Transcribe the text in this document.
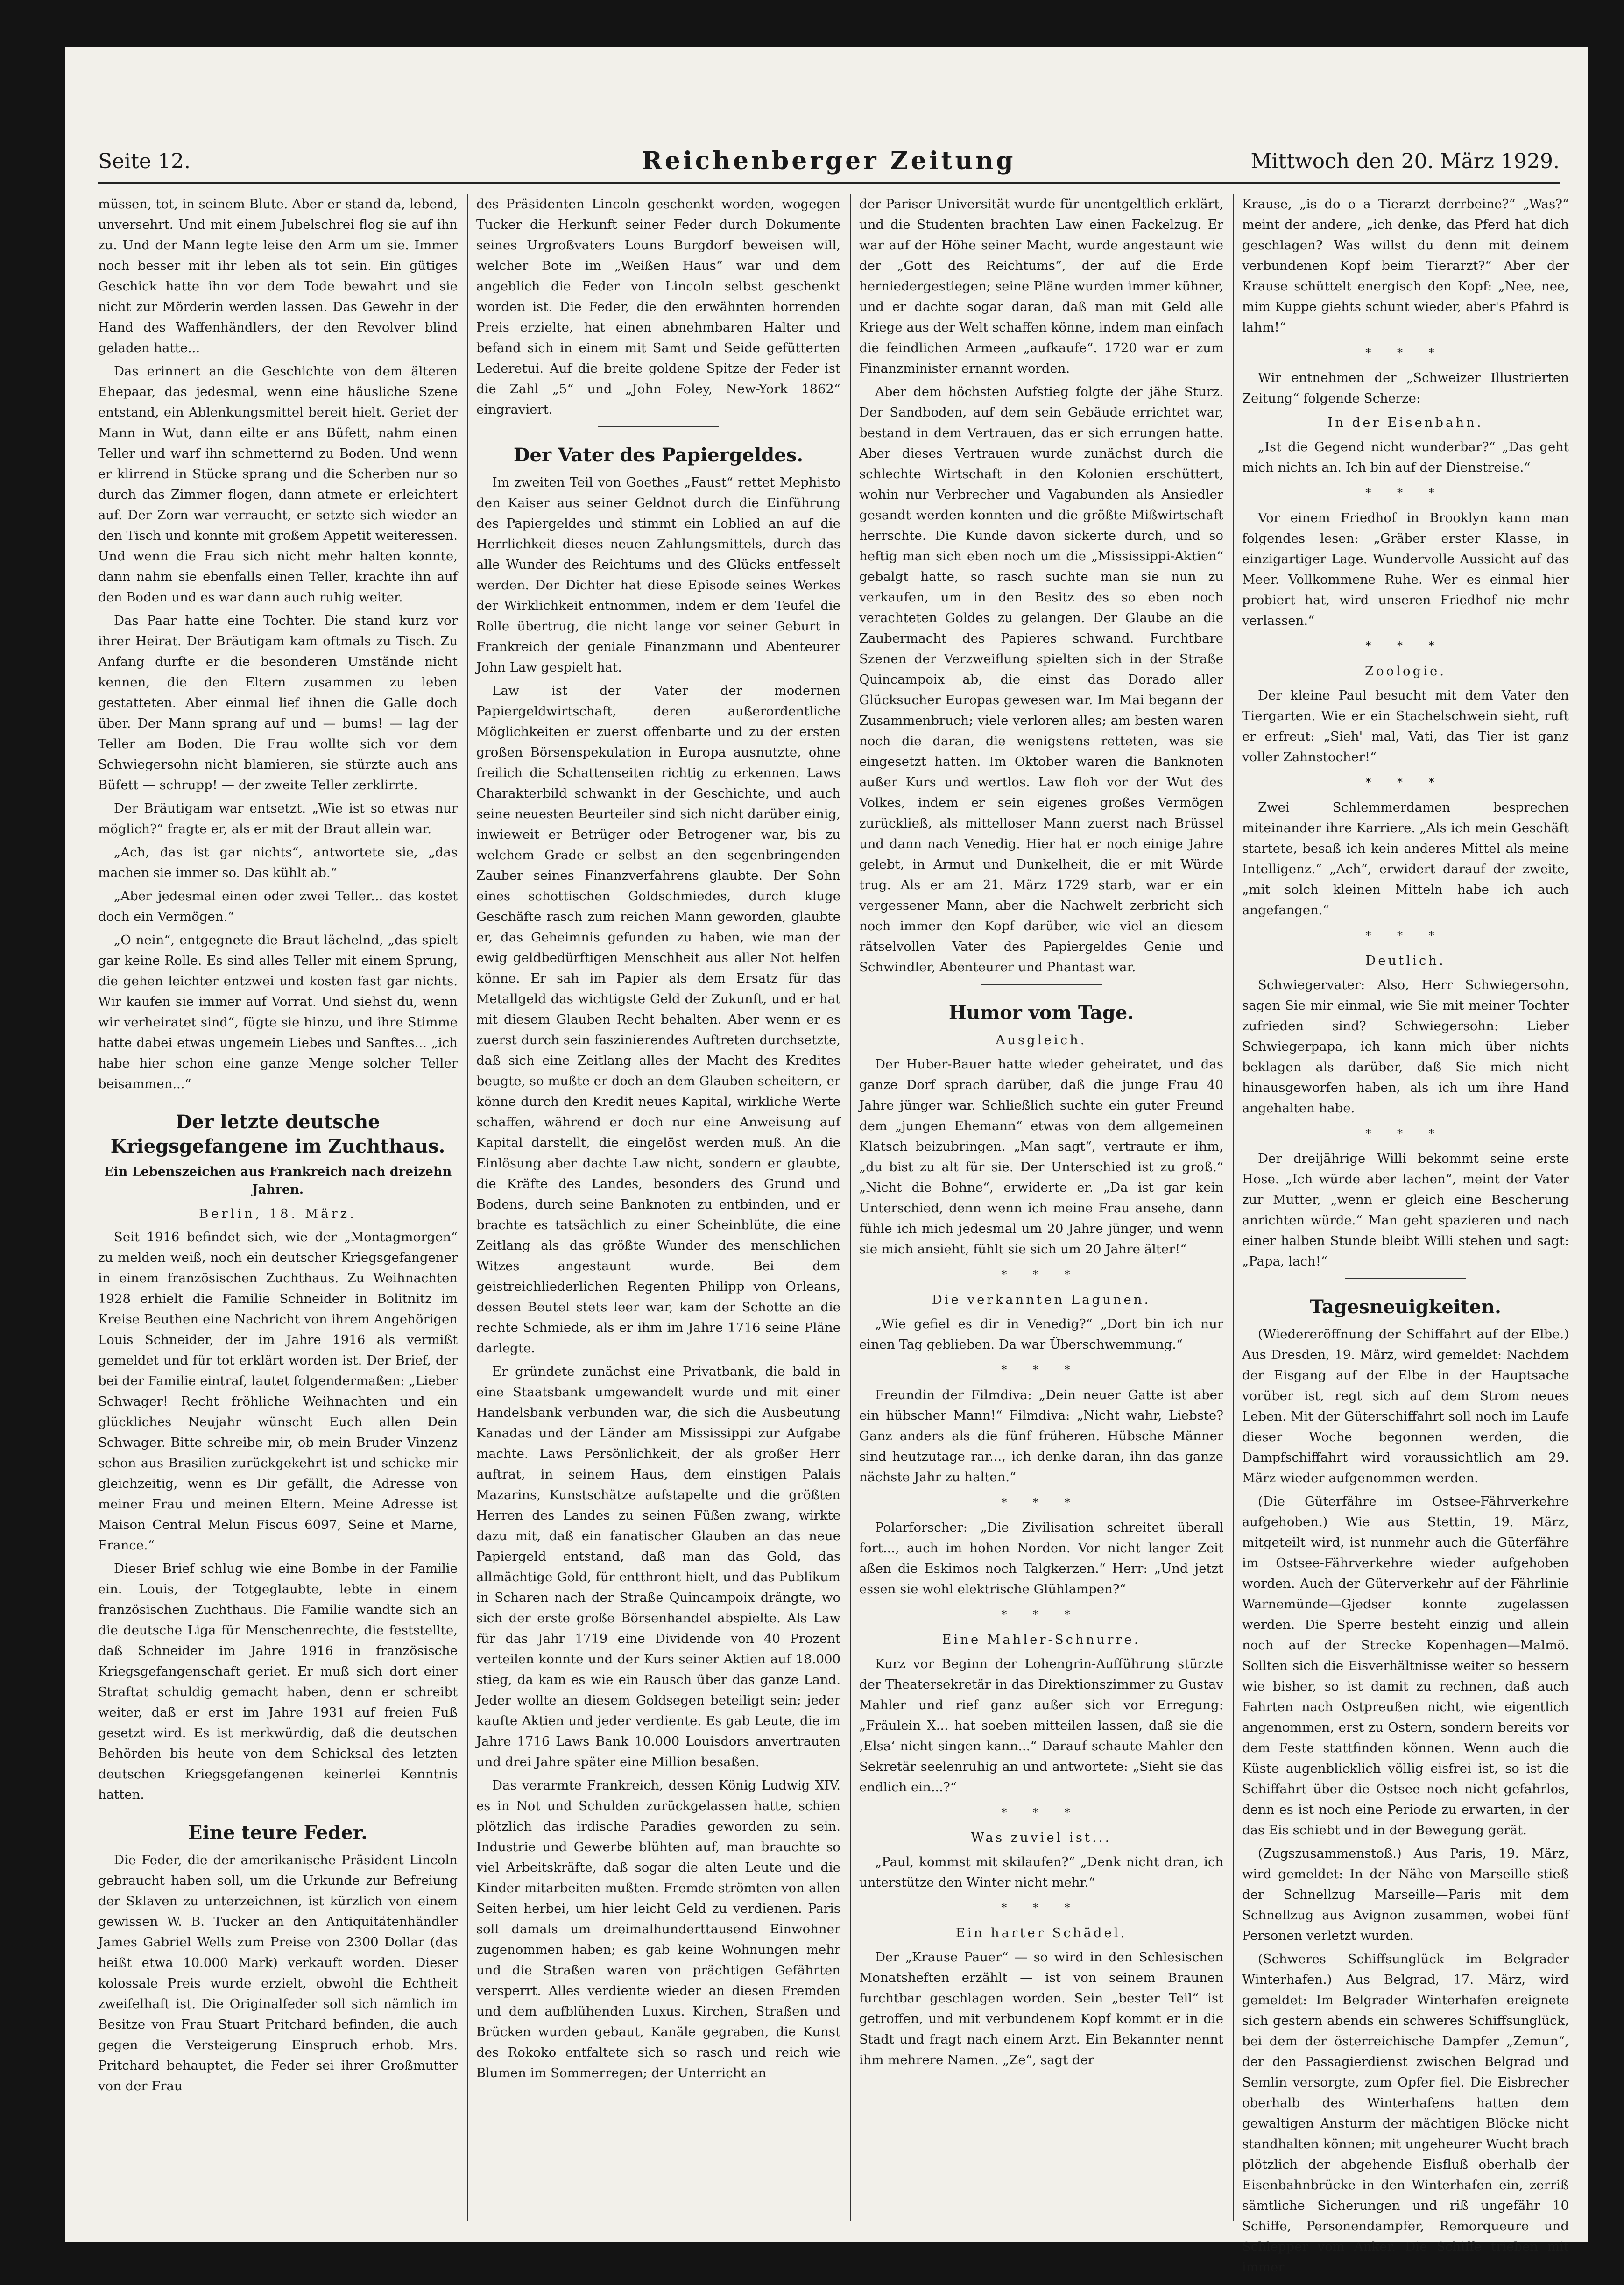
Seite 12.	Reichenberger Zeitung	Mittwoch den 20. März 1929.

müssen, tot, in seinem Blute. Aber er stand da, lebend, unversehrt. Und mit einem Jubelschrei flog sie auf ihn zu. Und der Mann legte leise den Arm um sie. Immer noch besser mit ihr leben als tot sein. Ein gütiges Geschick hatte ihn vor dem Tode bewahrt und sie nicht zur Mörderin werden lassen. Das Gewehr in der Hand des Waffenhändlers, der den Revolver blind geladen hatte...

Das erinnert an die Geschichte von dem älteren Ehepaar, das jedesmal, wenn eine häusliche Szene entstand, ein Ablenkungsmittel bereit hielt. Geriet der Mann in Wut, dann eilte er ans Büfett, nahm einen Teller und warf ihn schmetternd zu Boden. Und wenn er klirrend in Stücke sprang und die Scherben nur so durch das Zimmer flogen, dann atmete er erleichtert auf. Der Zorn war verraucht, er setzte sich wieder an den Tisch und konnte mit großem Appetit weiteressen. Und wenn die Frau sich nicht mehr halten konnte, dann nahm sie ebenfalls einen Teller, krachte ihn auf den Boden und es war dann auch ruhig weiter.

Das Paar hatte eine Tochter. Die stand kurz vor ihrer Heirat. Der Bräutigam kam oftmals zu Tisch. Zu Anfang durfte er die besonderen Umstände nicht kennen, die den Eltern zusammen zu leben gestatteten. Aber einmal lief ihnen die Galle doch über. Der Mann sprang auf und — bums! — lag der Teller am Boden. Die Frau wollte sich vor dem Schwiegersohn nicht blamieren, sie stürzte auch ans Büfett — schrupp! — der zweite Teller zerklirrte.

Der Bräutigam war entsetzt. „Wie ist so etwas nur möglich?“ fragte er, als er mit der Braut allein war.

„Ach, das ist gar nichts“, antwortete sie, „das machen sie immer so. Das kühlt ab.“

„Aber jedesmal einen oder zwei Teller... das kostet doch ein Vermögen.“

„O nein“, entgegnete die Braut lächelnd, „das spielt gar keine Rolle. Es sind alles Teller mit einem Sprung, die gehen leichter entzwei und kosten fast gar nichts. Wir kaufen sie immer auf Vorrat. Und siehst du, wenn wir verheiratet sind“, fügte sie hinzu, und ihre Stimme hatte dabei etwas ungemein Liebes und Sanftes... „ich habe hier schon eine ganze Menge solcher Teller beisammen...“

Der letzte deutsche Kriegsgefangene im Zuchthaus.

Ein Lebenszeichen aus Frankreich nach dreizehn Jahren.

Berlin, 18. März.

Seit 1916 befindet sich, wie der „Montagmorgen“ zu melden weiß, noch ein deutscher Kriegsgefangener in einem französischen Zuchthaus. Zu Weihnachten 1928 erhielt die Familie Schneider in Bolitnitz im Kreise Beuthen eine Nachricht von ihrem Angehörigen Louis Schneider, der im Jahre 1916 als vermißt gemeldet und für tot erklärt worden ist. Der Brief, der bei der Familie eintraf, lautet folgendermaßen: „Lieber Schwager! Recht fröhliche Weihnachten und ein glückliches Neujahr wünscht Euch allen Dein Schwager. Bitte schreibe mir, ob mein Bruder Vinzenz schon aus Brasilien zurückgekehrt ist und schicke mir gleichzeitig, wenn es Dir gefällt, die Adresse von meiner Frau und meinen Eltern. Meine Adresse ist Maison Central Melun Fiscus 6097, Seine et Marne, France.“

Dieser Brief schlug wie eine Bombe in der Familie ein. Louis, der Totgeglaubte, lebte in einem französischen Zuchthaus. Die Familie wandte sich an die deutsche Liga für Menschenrechte, die feststellte, daß Schneider im Jahre 1916 in französische Kriegsgefangenschaft geriet. Er muß sich dort einer Straftat schuldig gemacht haben, denn er schreibt weiter, daß er erst im Jahre 1931 auf freien Fuß gesetzt wird. Es ist merkwürdig, daß die deutschen Behörden bis heute von dem Schicksal des letzten deutschen Kriegsgefangenen keinerlei Kenntnis hatten.

Eine teure Feder.

Die Feder, die der amerikanische Präsident Lincoln gebraucht haben soll, um die Urkunde zur Befreiung der Sklaven zu unterzeichnen, ist kürzlich von einem gewissen W. B. Tucker an den Antiquitätenhändler James Gabriel Wells zum Preise von 2300 Dollar (das heißt etwa 10.000 Mark) verkauft worden. Dieser kolossale Preis wurde erzielt, obwohl die Echtheit zweifelhaft ist. Die Originalfeder soll sich nämlich im Besitze von Frau Stuart Pritchard befinden, die auch gegen die Versteigerung Einspruch erhob. Mrs. Pritchard behauptet, die Feder sei ihrer Großmutter von der Frau

des Präsidenten Lincoln geschenkt worden, wogegen Tucker die Herkunft seiner Feder durch Dokumente seines Urgroßvaters Louns Burgdorf beweisen will, welcher Bote im „Weißen Haus“ war und dem angeblich die Feder von Lincoln selbst geschenkt worden ist. Die Feder, die den erwähnten horrenden Preis erzielte, hat einen abnehmbaren Halter und befand sich in einem mit Samt und Seide gefütterten Lederetui. Auf die breite goldene Spitze der Feder ist die Zahl „5“ und „John Foley, New-York 1862“ eingraviert.

Der Vater des Papiergeldes.

Im zweiten Teil von Goethes „Faust“ rettet Mephisto den Kaiser aus seiner Geldnot durch die Einführung des Papiergeldes und stimmt ein Loblied an auf die Herrlichkeit dieses neuen Zahlungsmittels, durch das alle Wunder des Reichtums und des Glücks entfesselt werden. Der Dichter hat diese Episode seines Werkes der Wirklichkeit entnommen, indem er dem Teufel die Rolle übertrug, die nicht lange vor seiner Geburt in Frankreich der geniale Finanzmann und Abenteurer John Law gespielt hat.

Law ist der Vater der modernen Papiergeldwirtschaft, deren außerordentliche Möglichkeiten er zuerst offenbarte und zu der ersten großen Börsenspekulation in Europa ausnutzte, ohne freilich die Schattenseiten richtig zu erkennen. Laws Charakterbild schwankt in der Geschichte, und auch seine neuesten Beurteiler sind sich nicht darüber einig, inwieweit er Betrüger oder Betrogener war, bis zu welchem Grade er selbst an den segenbringenden Zauber seines Finanzverfahrens glaubte. Der Sohn eines schottischen Goldschmiedes, durch kluge Geschäfte rasch zum reichen Mann geworden, glaubte er, das Geheimnis gefunden zu haben, wie man der ewig geldbedürftigen Menschheit aus aller Not helfen könne. Er sah im Papier als dem Ersatz für das Metallgeld das wichtigste Geld der Zukunft, und er hat mit diesem Glauben Recht behalten. Aber wenn er es zuerst durch sein faszinierendes Auftreten durchsetzte, daß sich eine Zeitlang alles der Macht des Kredites beugte, so mußte er doch an dem Glauben scheitern, er könne durch den Kredit neues Kapital, wirkliche Werte schaffen, während er doch nur eine Anweisung auf Kapital darstellt, die eingelöst werden muß. An die Einlösung aber dachte Law nicht, sondern er glaubte, die Kräfte des Landes, besonders des Grund und Bodens, durch seine Banknoten zu entbinden, und er brachte es tatsächlich zu einer Scheinblüte, die eine Zeitlang als das größte Wunder des menschlichen Witzes angestaunt wurde. Bei dem geistreichliederlichen Regenten Philipp von Orleans, dessen Beutel stets leer war, kam der Schotte an die rechte Schmiede, als er ihm im Jahre 1716 seine Pläne darlegte.

Er gründete zunächst eine Privatbank, die bald in eine Staatsbank umgewandelt wurde und mit einer Handelsbank verbunden war, die sich die Ausbeutung Kanadas und der Länder am Mississippi zur Aufgabe machte. Laws Persönlichkeit, der als großer Herr auftrat, in seinem Haus, dem einstigen Palais Mazarins, Kunstschätze aufstapelte und die größten Herren des Landes zu seinen Füßen zwang, wirkte dazu mit, daß ein fanatischer Glauben an das neue Papiergeld entstand, daß man das Gold, das allmächtige Gold, für entthront hielt, und das Publikum in Scharen nach der Straße Quincampoix drängte, wo sich der erste große Börsenhandel abspielte. Als Law für das Jahr 1719 eine Dividende von 40 Prozent verteilen konnte und der Kurs seiner Aktien auf 18.000 stieg, da kam es wie ein Rausch über das ganze Land. Jeder wollte an diesem Goldsegen beteiligt sein; jeder kaufte Aktien und jeder verdiente. Es gab Leute, die im Jahre 1716 Laws Bank 10.000 Louisdors anvertrauten und drei Jahre später eine Million besaßen.

Das verarmte Frankreich, dessen König Ludwig XIV. es in Not und Schulden zurückgelassen hatte, schien plötzlich das irdische Paradies geworden zu sein. Industrie und Gewerbe blühten auf, man brauchte so viel Arbeitskräfte, daß sogar die alten Leute und die Kinder mitarbeiten mußten. Fremde strömten von allen Seiten herbei, um hier leicht Geld zu verdienen. Paris soll damals um dreimalhunderttausend Einwohner zugenommen haben; es gab keine Wohnungen mehr und die Straßen waren von prächtigen Gefährten versperrt. Alles verdiente wieder an diesen Fremden und dem aufblühenden Luxus. Kirchen, Straßen und Brücken wurden gebaut, Kanäle gegraben, die Kunst des Rokoko entfaltete sich so rasch und reich wie Blumen im Sommerregen; der Unterricht an

der Pariser Universität wurde für unentgeltlich erklärt, und die Studenten brachten Law einen Fackelzug. Er war auf der Höhe seiner Macht, wurde angestaunt wie der „Gott des Reichtums“, der auf die Erde herniedergestiegen; seine Pläne wurden immer kühner, und er dachte sogar daran, daß man mit Geld alle Kriege aus der Welt schaffen könne, indem man einfach die feindlichen Armeen „aufkaufe“. 1720 war er zum Finanzminister ernannt worden.

Aber dem höchsten Aufstieg folgte der jähe Sturz. Der Sandboden, auf dem sein Gebäude errichtet war, bestand in dem Vertrauen, das er sich errungen hatte. Aber dieses Vertrauen wurde zunächst durch die schlechte Wirtschaft in den Kolonien erschüttert, wohin nur Verbrecher und Vagabunden als Ansiedler gesandt werden konnten und die größte Mißwirtschaft herrschte. Die Kunde davon sickerte durch, und so heftig man sich eben noch um die „Mississippi-Aktien“ gebalgt hatte, so rasch suchte man sie nun zu verkaufen, um in den Besitz des so eben noch verachteten Goldes zu gelangen. Der Glaube an die Zaubermacht des Papieres schwand. Furchtbare Szenen der Verzweiflung spielten sich in der Straße Quincampoix ab, die einst das Dorado aller Glücksucher Europas gewesen war. Im Mai begann der Zusammenbruch; viele verloren alles; am besten waren noch die daran, die wenigstens retteten, was sie eingesetzt hatten. Im Oktober waren die Banknoten außer Kurs und wertlos. Law floh vor der Wut des Volkes, indem er sein eigenes großes Vermögen zurückließ, als mittelloser Mann zuerst nach Brüssel und dann nach Venedig. Hier hat er noch einige Jahre gelebt, in Armut und Dunkelheit, die er mit Würde trug. Als er am 21. März 1729 starb, war er ein vergessener Mann, aber die Nachwelt zerbricht sich noch immer den Kopf darüber, wie viel an diesem rätselvollen Vater des Papiergeldes Genie und Schwindler, Abenteurer und Phantast war.

Humor vom Tage.

Ausgleich.

Der Huber-Bauer hatte wieder geheiratet, und das ganze Dorf sprach darüber, daß die junge Frau 40 Jahre jünger war. Schließlich suchte ein guter Freund dem „jungen Ehemann“ etwas von dem allgemeinen Klatsch beizubringen. „Man sagt“, vertraute er ihm, „du bist zu alt für sie. Der Unterschied ist zu groß.“ „Nicht die Bohne“, erwiderte er. „Da ist gar kein Unterschied, denn wenn ich meine Frau ansehe, dann fühle ich mich jedesmal um 20 Jahre jünger, und wenn sie mich ansieht, fühlt sie sich um 20 Jahre älter!“

* * *

Die verkannten Lagunen.

„Wie gefiel es dir in Venedig?“ „Dort bin ich nur einen Tag geblieben. Da war Überschwemmung.“

* * *

Freundin der Filmdiva: „Dein neuer Gatte ist aber ein hübscher Mann!“ Filmdiva: „Nicht wahr, Liebste? Ganz anders als die fünf früheren. Hübsche Männer sind heutzutage rar..., ich denke daran, ihn das ganze nächste Jahr zu halten.“

* * *

Polarforscher: „Die Zivilisation schreitet überall fort..., auch im hohen Norden. Vor nicht langer Zeit aßen die Eskimos noch Talgkerzen.“ Herr: „Und jetzt essen sie wohl elektrische Glühlampen?“

* * *

Eine Mahler-Schnurre.

Kurz vor Beginn der Lohengrin-Aufführung stürzte der Theatersekretär in das Direktionszimmer zu Gustav Mahler und rief ganz außer sich vor Erregung: „Fräulein X... hat soeben mitteilen lassen, daß sie die ‚Elsa‘ nicht singen kann...“ Darauf schaute Mahler den Sekretär seelenruhig an und antwortete: „Sieht sie das endlich ein...?“

* * *

Was zuviel ist...

„Paul, kommst mit skilaufen?“ „Denk nicht dran, ich unterstütze den Winter nicht mehr.“

* * *

Ein harter Schädel.

Der „Krause Pauer“ — so wird in den Schlesischen Monatsheften erzählt — ist von seinem Braunen furchtbar geschlagen worden. Sein „bester Teil“ ist getroffen, und mit verbundenem Kopf kommt er in die Stadt und fragt nach einem Arzt. Ein Bekannter nennt ihm mehrere Namen. „Ze“, sagt der

Krause, „is do o a Tierarzt derrbeine?“ „Was?“ meint der andere, „ich denke, das Pferd hat dich geschlagen? Was willst du denn mit deinem verbundenen Kopf beim Tierarzt?“ Aber der Krause schüttelt energisch den Kopf: „Nee, nee, mim Kuppe giehts schunt wieder, aber's Pfahrd is lahm!“

* * *

Wir entnehmen der „Schweizer Illustrierten Zeitung“ folgende Scherze:

In der Eisenbahn.

„Ist die Gegend nicht wunderbar?“ „Das geht mich nichts an. Ich bin auf der Dienstreise.“

* * *

Vor einem Friedhof in Brooklyn kann man folgendes lesen: „Gräber erster Klasse, in einzigartiger Lage. Wundervolle Aussicht auf das Meer. Vollkommene Ruhe. Wer es einmal hier probiert hat, wird unseren Friedhof nie mehr verlassen.“

* * *

Zoologie.

Der kleine Paul besucht mit dem Vater den Tiergarten. Wie er ein Stachelschwein sieht, ruft er erfreut: „Sieh' mal, Vati, das Tier ist ganz voller Zahnstocher!“

* * *

Zwei Schlemmerdamen besprechen miteinander ihre Karriere. „Als ich mein Geschäft startete, besaß ich kein anderes Mittel als meine Intelligenz.“ „Ach“, erwidert darauf der zweite, „mit solch kleinen Mitteln habe ich auch angefangen.“

* * *

Deutlich.

Schwiegervater: Also, Herr Schwiegersohn, sagen Sie mir einmal, wie Sie mit meiner Tochter zufrieden sind? Schwiegersohn: Lieber Schwiegerpapa, ich kann mich über nichts beklagen als darüber, daß Sie mich nicht hinausgeworfen haben, als ich um ihre Hand angehalten habe.

* * *

Der dreijährige Willi bekommt seine erste Hose. „Ich würde aber lachen“, meint der Vater zur Mutter, „wenn er gleich eine Bescherung anrichten würde.“ Man geht spazieren und nach einer halben Stunde bleibt Willi stehen und sagt: „Papa, lach!“

Tagesneuigkeiten.

(Wiedereröffnung der Schiffahrt auf der Elbe.) Aus Dresden, 19. März, wird gemeldet: Nachdem der Eisgang auf der Elbe in der Hauptsache vorüber ist, regt sich auf dem Strom neues Leben. Mit der Güterschiffahrt soll noch im Laufe dieser Woche begonnen werden, die Dampfschiffahrt wird voraussichtlich am 29. März wieder aufgenommen werden.

(Die Güterfähre im Ostsee-Fährverkehre aufgehoben.) Wie aus Stettin, 19. März, mitgeteilt wird, ist nunmehr auch die Güterfähre im Ostsee-Fährverkehre wieder aufgehoben worden. Auch der Güterverkehr auf der Fährlinie Warnemünde—Gjedser konnte zugelassen werden. Die Sperre besteht einzig und allein noch auf der Strecke Kopenhagen—Malmö. Sollten sich die Eisverhältnisse weiter so bessern wie bisher, so ist damit zu rechnen, daß auch Fahrten nach Ostpreußen nicht, wie eigentlich angenommen, erst zu Ostern, sondern bereits vor dem Feste stattfinden können. Wenn auch die Küste augenblicklich völlig eisfrei ist, so ist die Schiffahrt über die Ostsee noch nicht gefahrlos, denn es ist noch eine Periode zu erwarten, in der das Eis schiebt und in der Bewegung gerät.

(Zugszusammenstoß.) Aus Paris, 19. März, wird gemeldet: In der Nähe von Marseille stieß der Schnellzug Marseille—Paris mit dem Schnellzug aus Avignon zusammen, wobei fünf Personen verletzt wurden.

(Schweres Schiffsunglück im Belgrader Winterhafen.) Aus Belgrad, 17. März, wird gemeldet: Im Belgrader Winterhafen ereignete sich gestern abends ein schweres Schiffsunglück, bei dem der österreichische Dampfer „Zemun“, der den Passagierdienst zwischen Belgrad und Semlin versorgte, zum Opfer fiel. Die Eisbrecher oberhalb des Winterhafens hatten dem gewaltigen Ansturm der mächtigen Blöcke nicht standhalten können; mit ungeheurer Wucht brach plötzlich der abgehende Eisfluß oberhalb der Eisenbahnbrücke in den Winterhafen ein, zerriß sämtliche Sicherungen und riß ungefähr 10 Schiffe, Personendampfer, Remorqueure und Schlepper vom Anker. Die Schiffe trieben mit immer
